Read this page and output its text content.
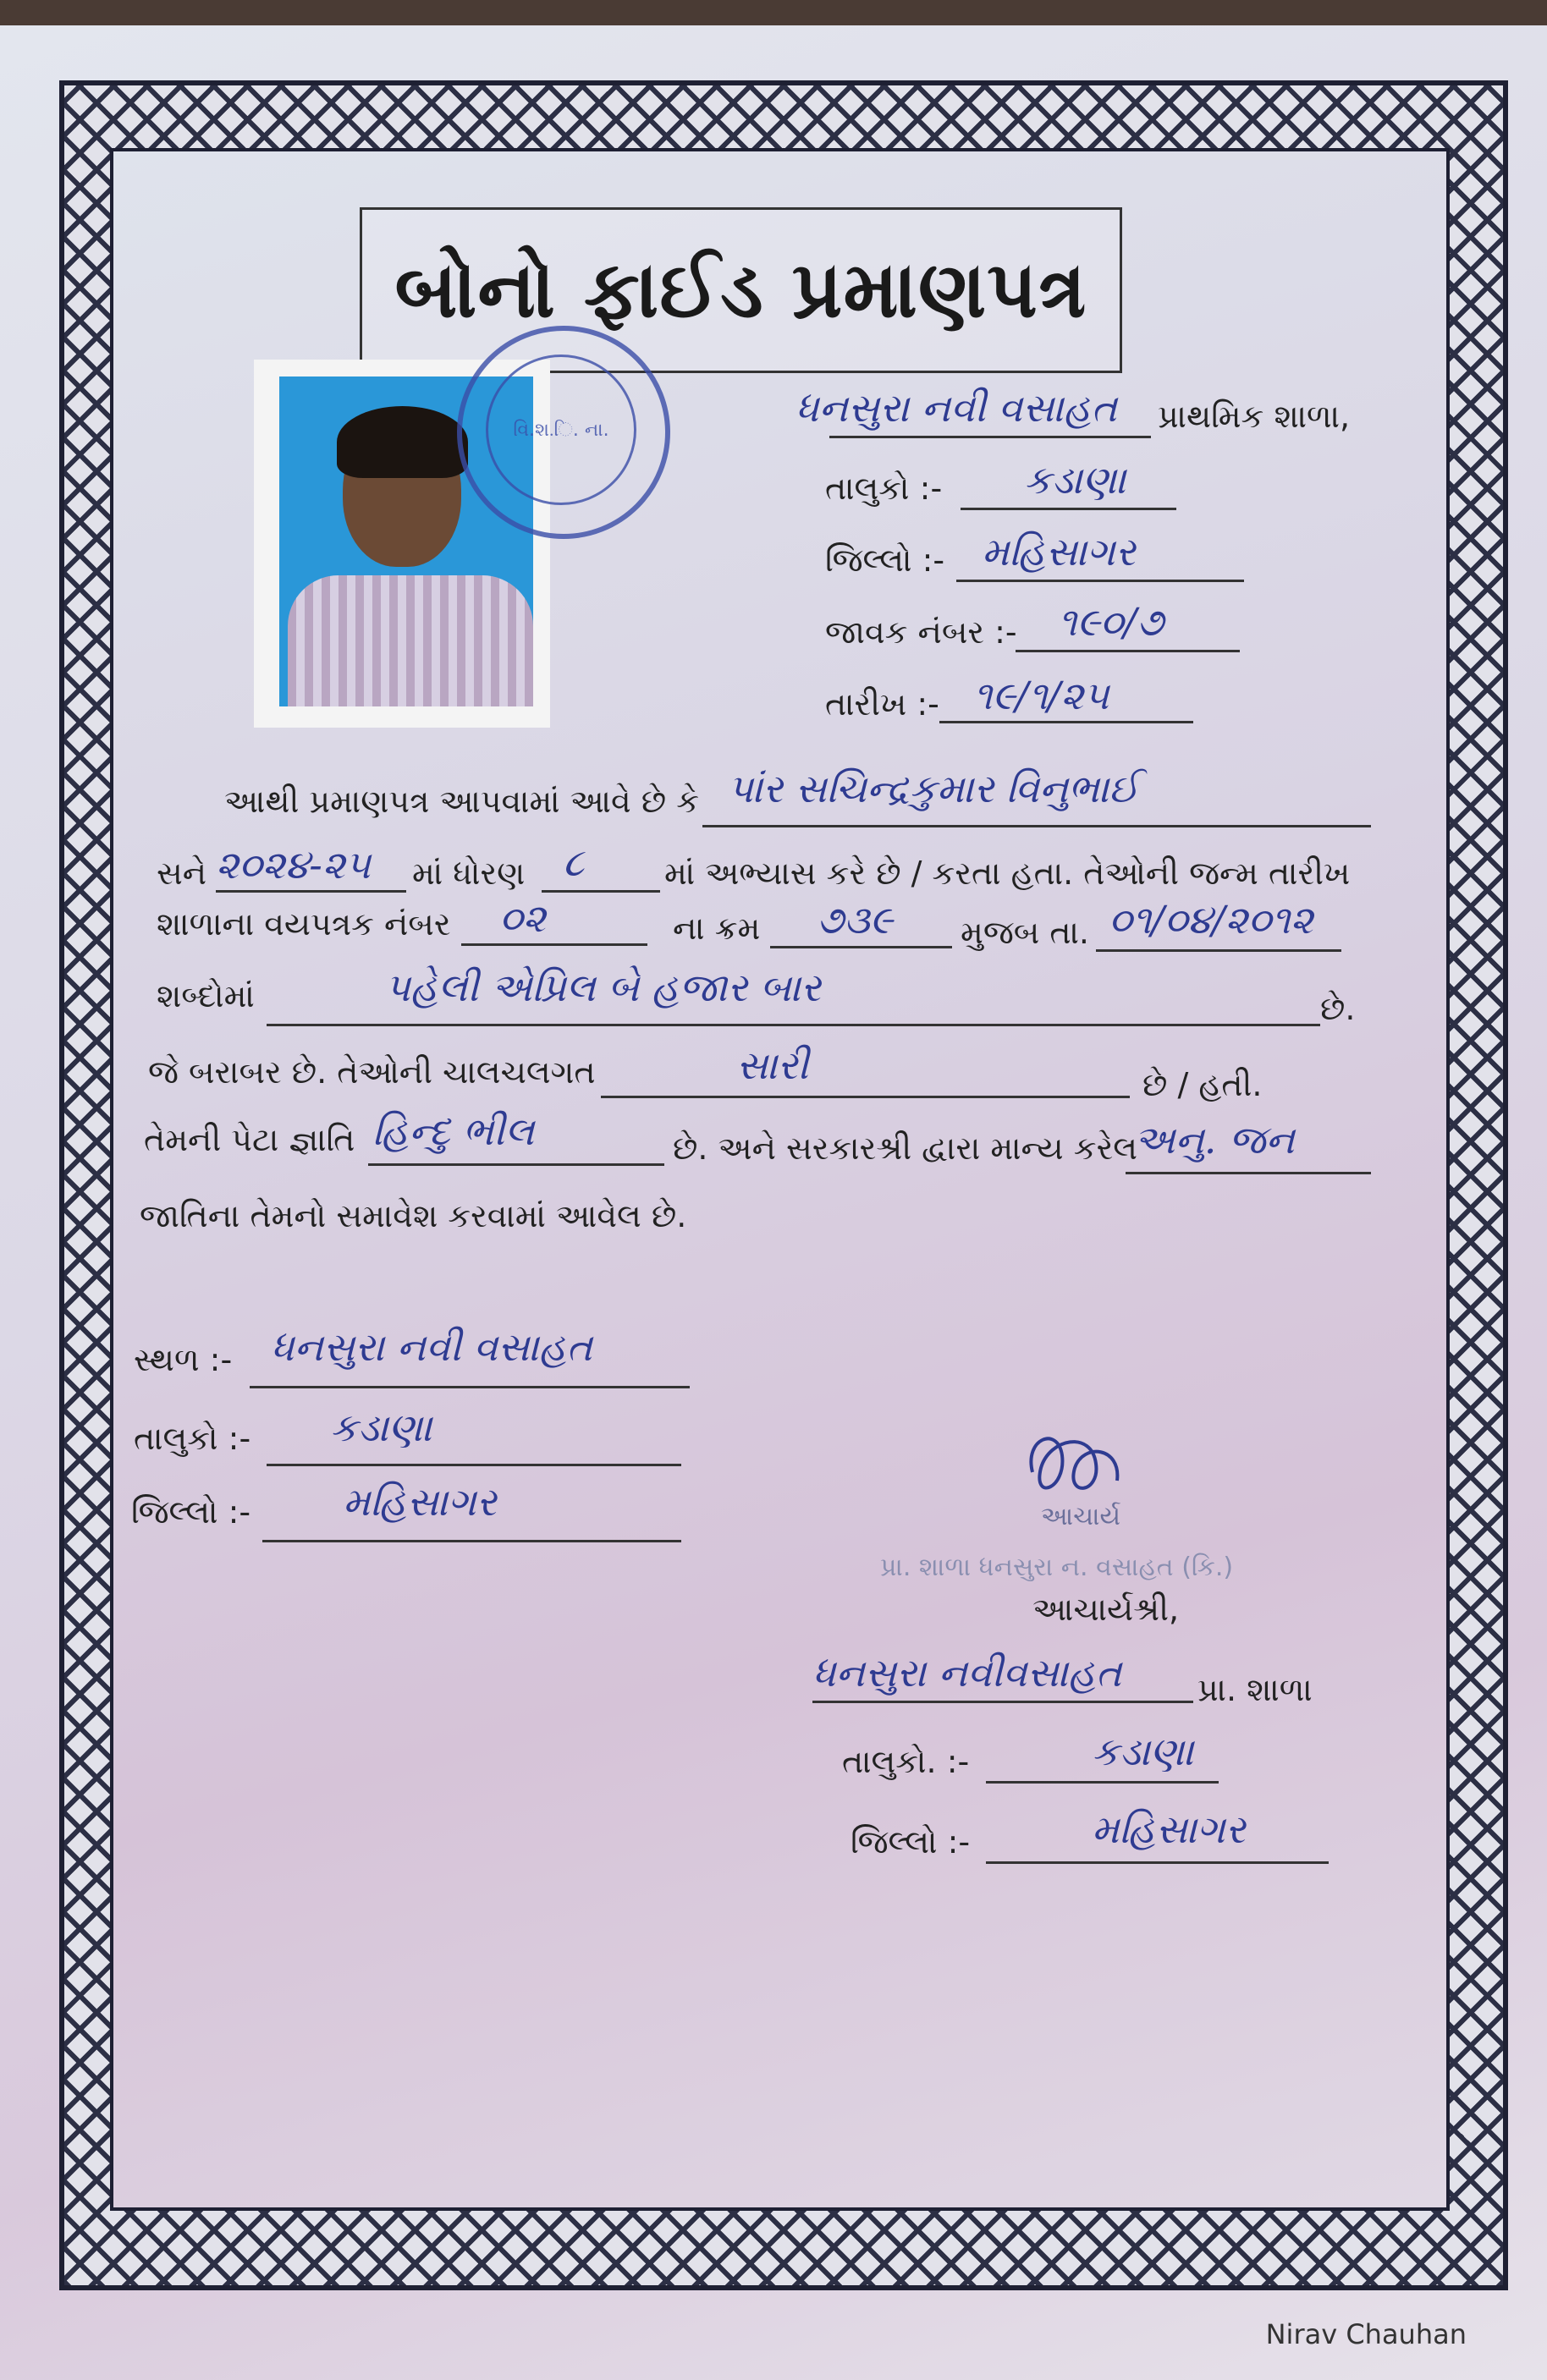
બોનો ફાઈડ પ્રમાણપત્ર
વિ.શ.િ. ના.	ધનસુરા નવી વસાહત પ્રાથમિક શાળા,
તાલુકો :- કડાણા
જિલ્લો :- મહિસાગર
જાવક નંબર :- ૧૯૦/૭
તારીખ :- ૧૯/૧/૨૫
આથી પ્રમાણપત્ર આપવામાં આવે છે કે પાંર સચિન્દ્રકુમાર વિનુભાઈ
સને ૨૦૨૪-૨૫ માં ધોરણ ૮ માં અભ્યાસ કરે છે / કરતા હતા. તેઓની જન્મ તારીખ
શાળાના વયપત્રક નંબર ૦૨	ના ક્રમ ૭૩૯ મુજબ તા. ૦૧/૦૪/૨૦૧૨
શબ્દોમાં	પહેલી એપ્રિલ બે હજાર બાર	છે.
જે બરાબર છે. તેઓની ચાલચલગત	સારી	છે / હતી.
તેમની પેટા જ્ઞાતિ હિન્દુ ભીલ	છે. અને સરકારશ્રી દ્વારા માન્ય કરેલ
અનુ. જન
જાતિના તેમનો સમાવેશ કરવામાં આવેલ છે.
સ્થળ :- ધનસુરા નવી વસાહત
તાલુકો :- કડાણા
જિલ્લો :- મહિસાગર	આચાર્ય
પ્રા. શાળા ધનસુરા ન. વસાહત (કિ.)
આચાર્યશ્રી,
ધનસુરા નવીવસાહત પ્રા. શાળા
તાલુકો. :-	કડાણા
જિલ્લો :-	મહિસાગર
Nirav Chauhan
